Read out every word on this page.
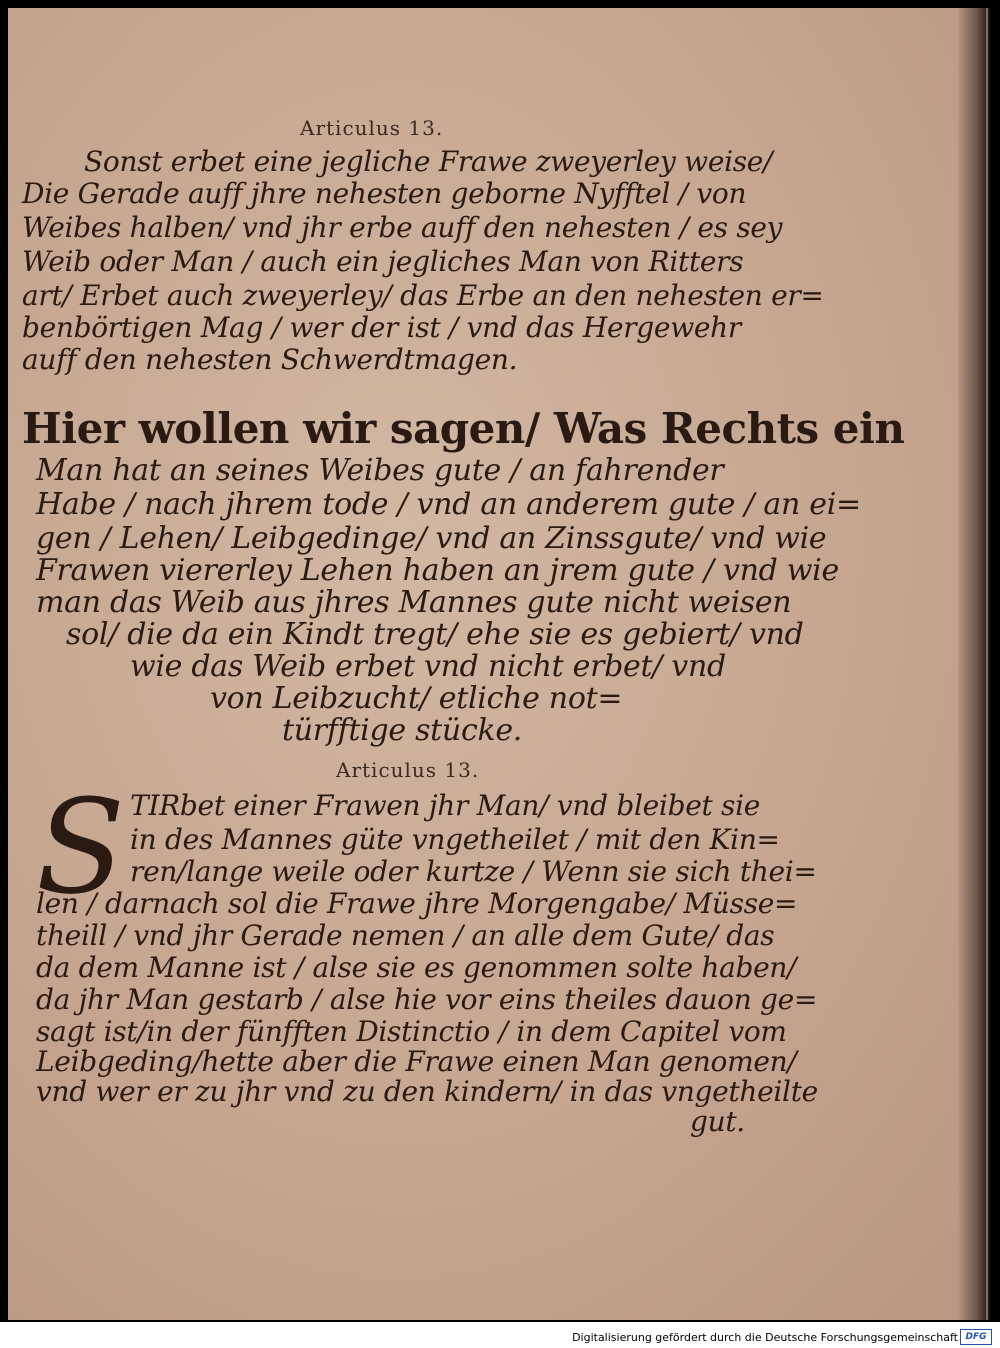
Articulus 13.
Sonst erbet eine jegliche Frawe zweyerley weise/
Die Gerade auff jhre nehesten geborne Nyfftel / von
Weibes halben/ vnd jhr erbe auff den nehesten / es sey
Weib oder Man / auch ein jegliches Man von Ritters
art/ Erbet auch zweyerley/ das Erbe an den nehesten er=
benbörtigen Mag / wer der ist / vnd das Hergewehr
auff den nehesten Schwerdtmagen.
Hier wollen wir sagen/ Was Rechts ein
Man hat an seines Weibes gute / an fahrender
Habe / nach jhrem tode / vnd an anderem gute / an ei=
gen / Lehen/ Leibgedinge/ vnd an Zinssgute/ vnd wie
Frawen viererley Lehen haben an jrem gute / vnd wie
man das Weib aus jhres Mannes gute nicht weisen
sol/ die da ein Kindt tregt/ ehe sie es gebiert/ vnd
wie das Weib erbet vnd nicht erbet/ vnd
von Leibzucht/ etliche not=
türfftige stücke.
Articulus 13.
S TIRbet einer Frawen jhr Man/ vnd bleibet sie
in des Mannes güte vngetheilet / mit den Kin=
ren/lange weile oder kurtze / Wenn sie sich thei=
len / darnach sol die Frawe jhre Morgengabe/ Müsse=
theill / vnd jhr Gerade nemen / an alle dem Gute/ das
da dem Manne ist / alse sie es genommen solte haben/
da jhr Man gestarb / alse hie vor eins theiles dauon ge=
sagt ist/in der fünfften Distinctio / in dem Capitel vom
Leibgeding/hette aber die Frawe einen Man genomen/
vnd wer er zu jhr vnd zu den kindern/ in das vngetheilte
gut.
Digitalisierung gefördert durch die Deutsche Forschungsgemeinschaft DFG
